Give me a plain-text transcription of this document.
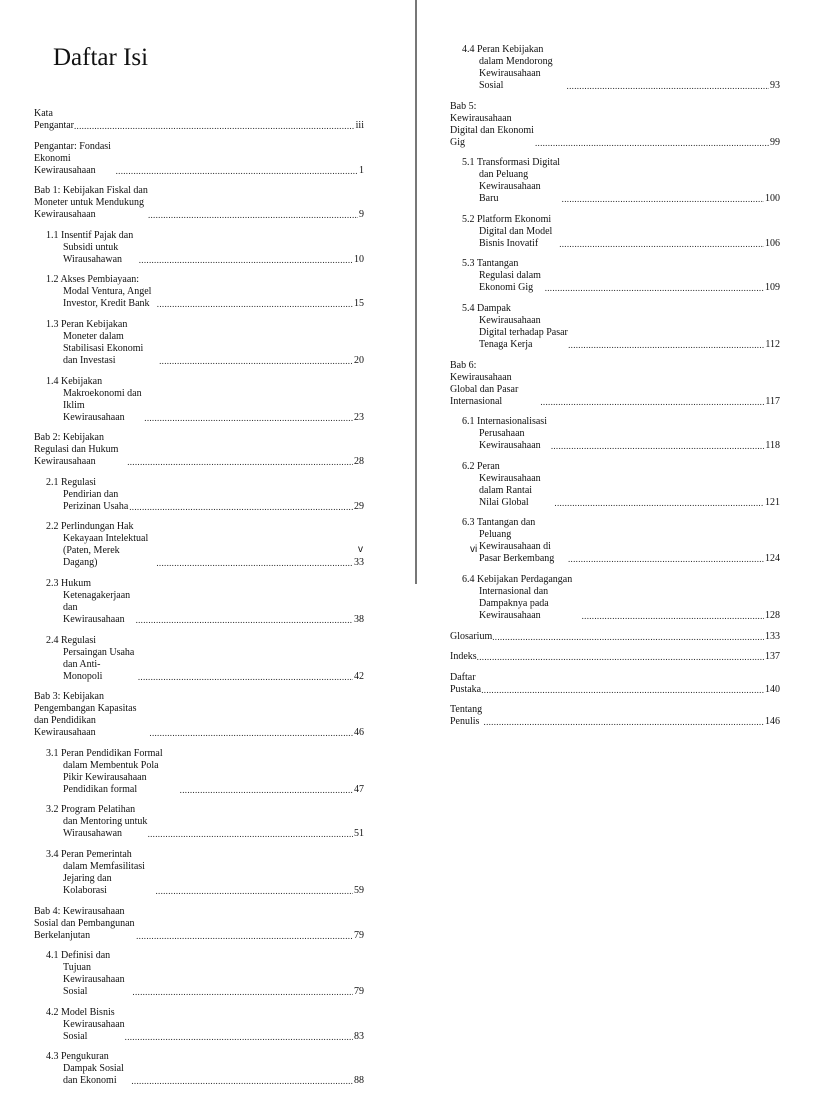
Daftar Isi
Kata Pengantar .....	iii
Pengantar: Fondasi Ekonomi Kewirausahaan .....	1
Bab 1: Kebijakan Fiskal dan Moneter untuk Mendukung Kewirausahaan .....	9
1.1 Insentif Pajak dan Subsidi untuk Wirausahawan .....	10
1.2 Akses Pembiayaan: Modal Ventura, Angel Investor, Kredit Bank .....	15
1.3 Peran Kebijakan Moneter dalam Stabilisasi Ekonomi dan Investasi .....	20
1.4 Kebijakan Makroekonomi dan Iklim Kewirausahaan .....	23
Bab 2: Kebijakan Regulasi dan Hukum Kewirausahaan .....	28
2.1 Regulasi Pendirian dan Perizinan Usaha .....	29
2.2 Perlindungan Hak Kekayaan Intelektual (Paten, Merek Dagang) .....	33
2.3 Hukum Ketenagakerjaan dan Kewirausahaan .....	38
2.4 Regulasi Persaingan Usaha dan Anti-Monopoli .....	42
Bab 3: Kebijakan Pengembangan Kapasitas dan Pendidikan Kewirausahaan .....	46
3.1 Peran Pendidikan Formal dalam Membentuk Pola Pikir Kewirausahaan Pendidikan formal .....	47
3.2 Program Pelatihan dan Mentoring untuk Wirausahawan .....	51
3.4 Peran Pemerintah dalam Memfasilitasi Jejaring dan Kolaborasi .....	59
Bab 4: Kewirausahaan Sosial dan Pembangunan Berkelanjutan .....	79
4.1 Definisi dan Tujuan Kewirausahaan Sosial .....	79
4.2 Model Bisnis Kewirausahaan Sosial .....	83
4.3 Pengukuran Dampak Sosial dan Ekonomi .....	88
v
4.4 Peran Kebijakan dalam Mendorong Kewirausahaan Sosial .....	93
Bab 5: Kewirausahaan Digital dan Ekonomi Gig .....	99
5.1 Transformasi Digital dan Peluang Kewirausahaan Baru .....	100
5.2 Platform Ekonomi Digital dan Model Bisnis Inovatif .....	106
5.3 Tantangan Regulasi dalam Ekonomi Gig .....	109
5.4 Dampak Kewirausahaan Digital terhadap Pasar Tenaga Kerja .....	112
Bab 6: Kewirausahaan Global dan Pasar Internasional .....	117
6.1 Internasionalisasi Perusahaan Kewirausahaan .....	118
6.2 Peran Kewirausahaan dalam Rantai Nilai Global .....	121
6.3 Tantangan dan Peluang Kewirausahaan di Pasar Berkembang .....	124
6.4 Kebijakan Perdagangan Internasional dan Dampaknya pada Kewirausahaan .....	128
Glosarium .....	133
Indeks .....	137
Daftar Pustaka .....	140
Tentang Penulis .....	146
vi
